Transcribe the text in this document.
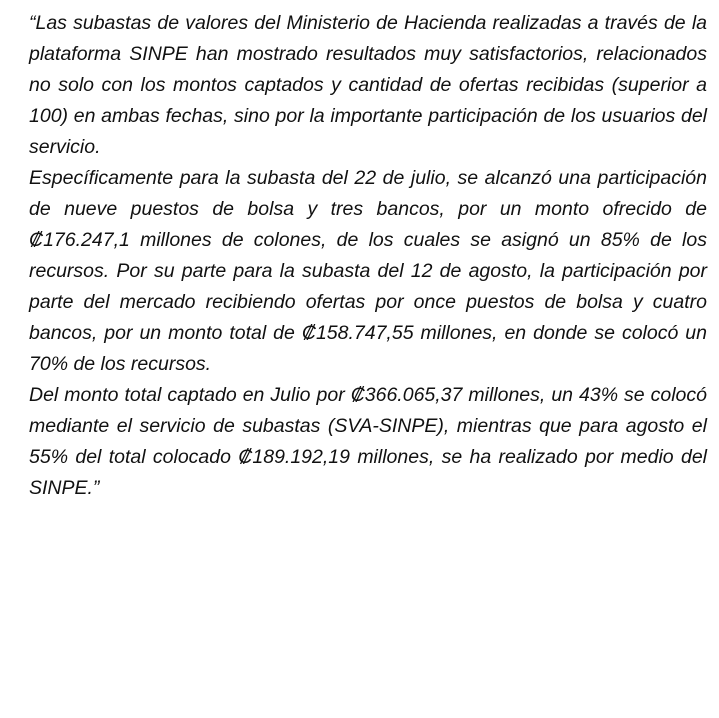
“Las subastas de valores del Ministerio de Hacienda realizadas a través de la plataforma SINPE han mostrado resultados muy satisfactorios, relacionados no solo con los montos captados y cantidad de ofertas recibidas (superior a 100) en ambas fechas, sino por la importante participación de los usuarios del servicio.

Específicamente para la subasta del 22 de julio, se alcanzó una participación de nueve puestos de bolsa y tres bancos, por un monto ofrecido de ₡176.247,1 millones de colones, de los cuales se asignó un 85% de los recursos. Por su parte para la subasta del 12 de agosto, la participación por parte del mercado recibiendo ofertas por once puestos de bolsa y cuatro bancos, por un monto total de ₡158.747,55 millones, en donde se colocó un 70% de los recursos.

Del monto total captado en Julio por ₡366.065,37 millones, un 43% se colocó mediante el servicio de subastas (SVA-SINPE), mientras que para agosto el 55% del total colocado ₡189.192,19 millones, se ha realizado por medio del SINPE.”
